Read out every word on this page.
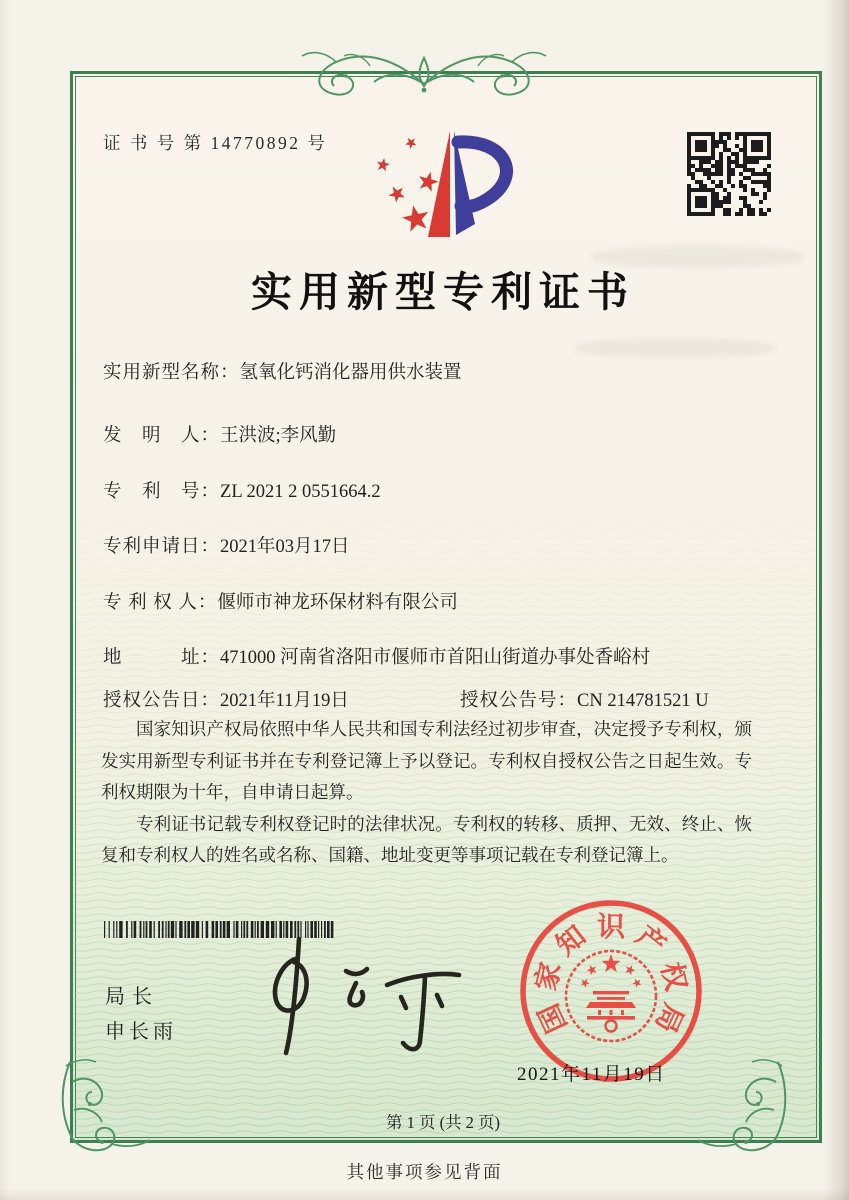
证 书 号 第 14770892 号
实用新型专利证书
实用新型名称：氢氧化钙消化器用供水装置
发　明　人：王洪波;李风勤
专　利　号：ZL 2021 2 0551664.2
专利申请日：2021年03月17日
专 利 权 人：偃师市神龙环保材料有限公司
地　　　址：471000 河南省洛阳市偃师市首阳山街道办事处香峪村
授权公告日：2021年11月19日	授权公告号：CN 214781521 U

国家知识产权局依照中华人民共和国专利法经过初步审查，决定授予专利权，颁发实用新型专利证书并在专利登记簿上予以登记。专利权自授权公告之日起生效。专利权期限为十年，自申请日起算。

专利证书记载专利权登记时的法律状况。专利权的转移、质押、无效、终止、恢复和专利权人的姓名或名称、国籍、地址变更等事项记载在专利登记簿上。

局长
申长雨	国
家
知 识 产
权
局
2021年11月19日
第 1 页 (共 2 页)
其他事项参见背面
